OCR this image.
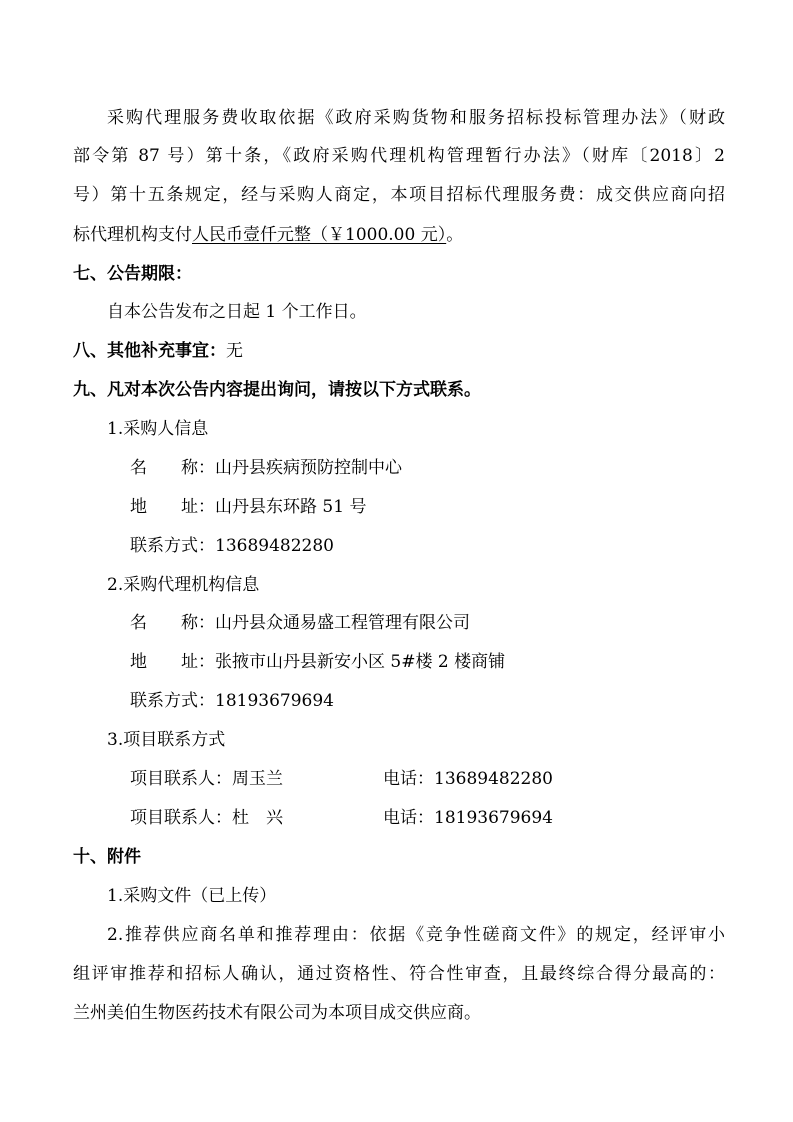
采购代理服务费收取依据《政府采购货物和服务招标投标管理办法》（财政
部令第 87 号）第十条，《政府采购代理机构管理暂行办法》（财库〔2018〕2
号）第十五条规定，经与采购人商定，本项目招标代理服务费：成交供应商向招
标代理机构支付人民币壹仟元整（￥1000.00 元）。
七、公告期限：
自本公告发布之日起 1 个工作日。
八、其他补充事宜：无
九、凡对本次公告内容提出询问，请按以下方式联系。
1.采购人信息
名　　称：山丹县疾病预防控制中心
地　　址：山丹县东环路 51 号
联系方式：13689482280
2.采购代理机构信息
名　　称：山丹县众通易盛工程管理有限公司
地　　址：张掖市山丹县新安小区 5#楼 2 楼商铺
联系方式：18193679694
3.项目联系方式
项目联系人：周玉兰	电话：13689482280
项目联系人：杜　兴	电话：18193679694
十、附件
1.采购文件（已上传）
2.推荐供应商名单和推荐理由：依据《竞争性磋商文件》的规定，经评审小
组评审推荐和招标人确认，通过资格性、符合性审查，且最终综合得分最高的：
兰州美伯生物医药技术有限公司为本项目成交供应商。
